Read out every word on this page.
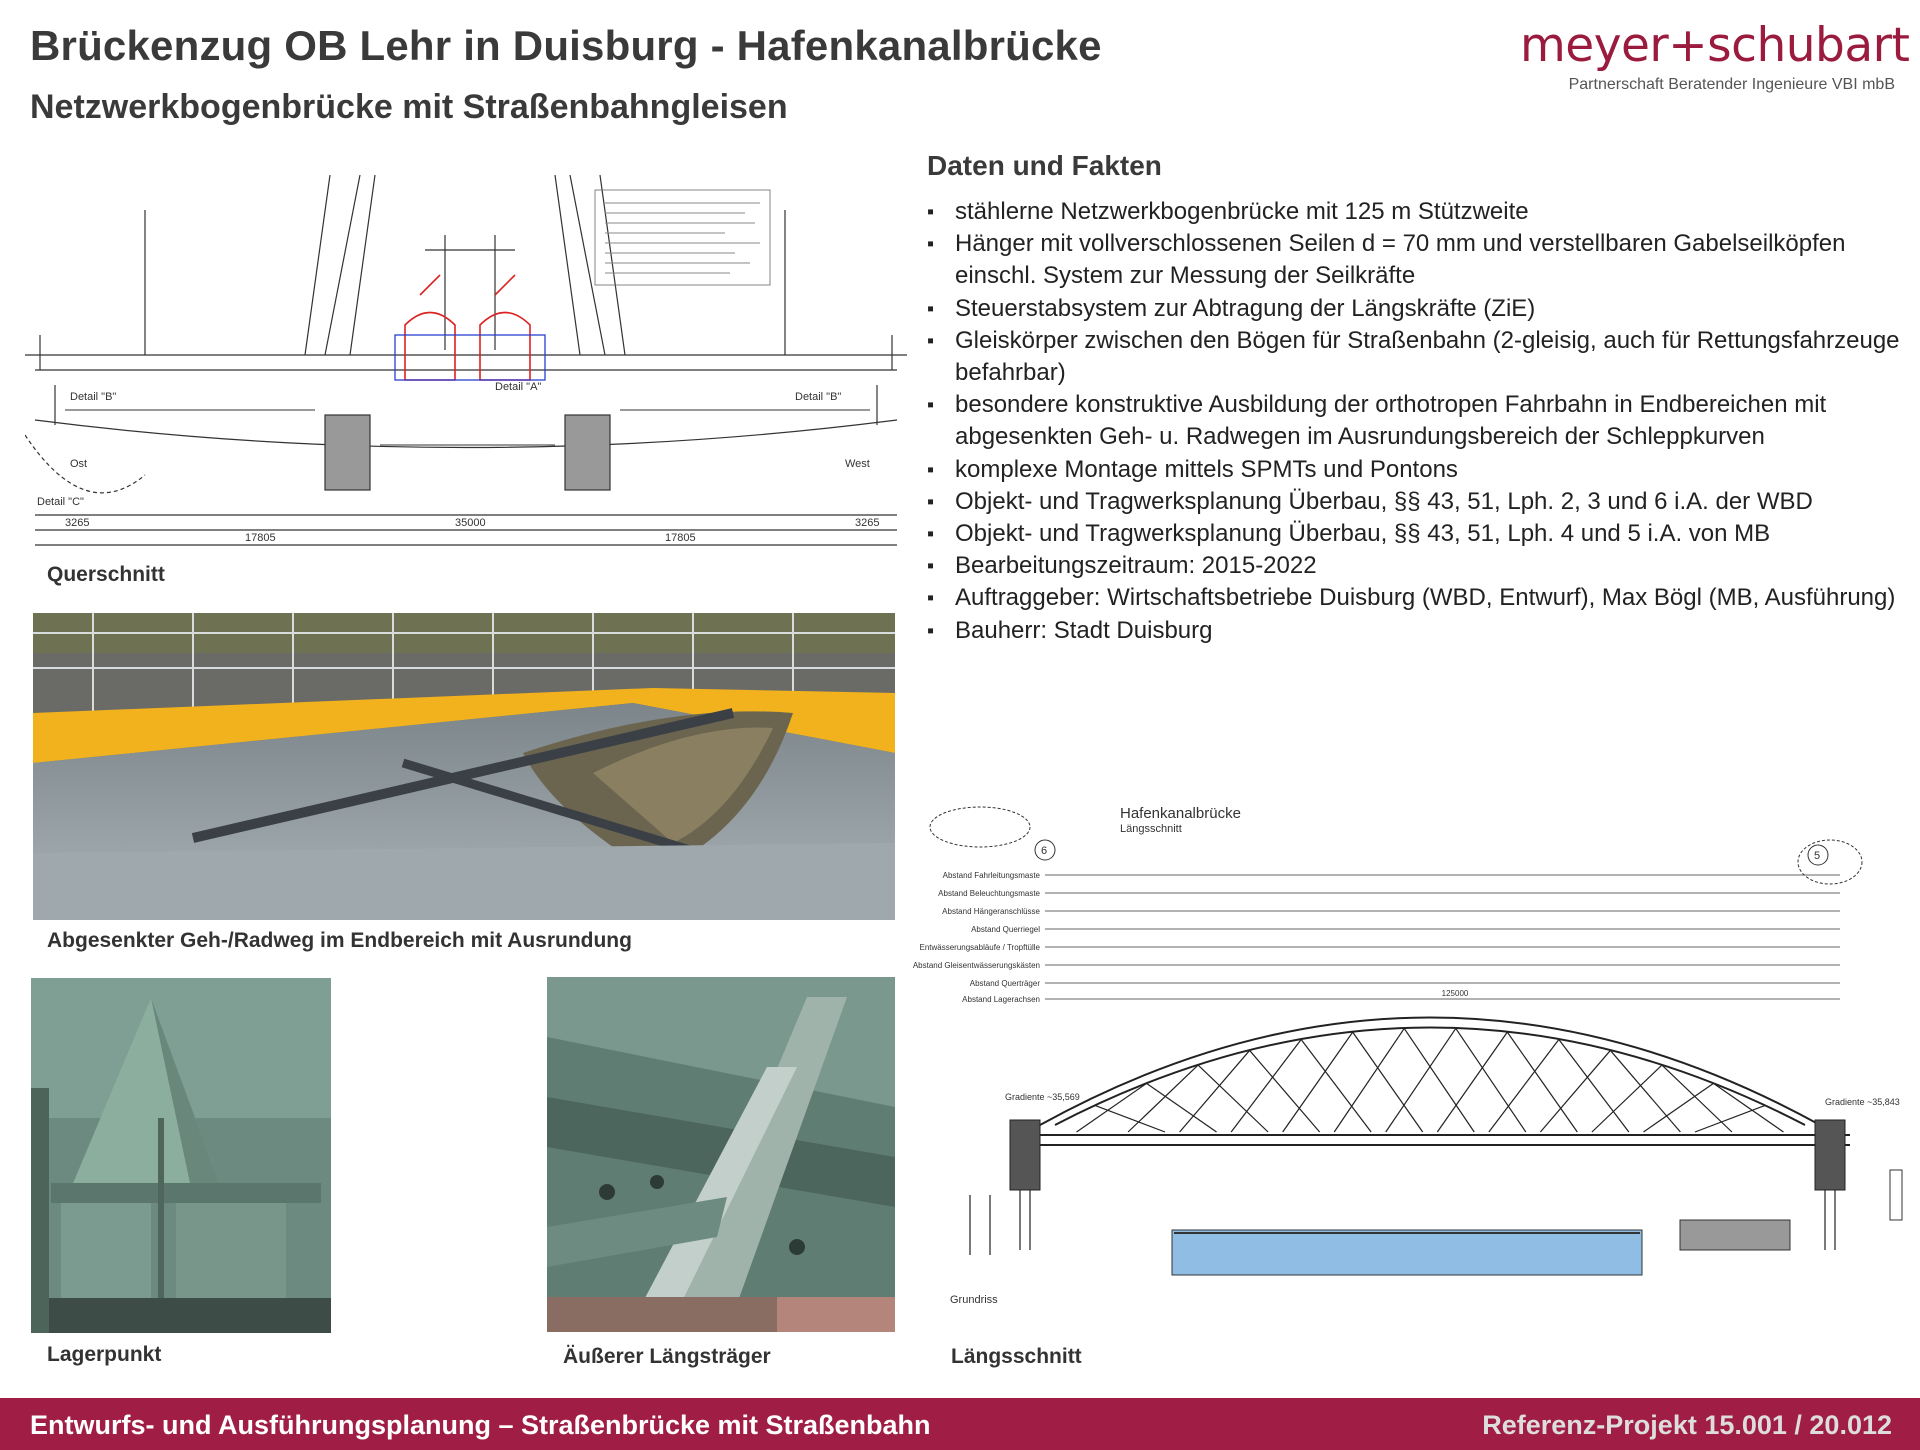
Brückenzug OB Lehr in Duisburg - Hafenkanalbrücke
Netzwerkbogenbrücke mit Straßenbahngleisen
meyer+schubart
Partnerschaft Beratender Ingenieure VBI mbB
Daten und Fakten
▪ stählerne Netzwerkbogenbrücke mit 125 m Stützweite
▪ Hänger mit vollverschlossenen Seilen d = 70 mm und verstellbaren Gabelseilköpfen einschl. System zur Messung der Seilkräfte
▪ Steuerstabsystem zur Abtragung der Längskräfte (ZiE)
▪ Gleiskörper zwischen den Bögen für Straßenbahn (2-gleisig, auch für Rettungsfahrzeuge befahrbar)
▪ besondere konstruktive Ausbildung der orthotropen Fahrbahn in Endbereichen mit abgesenkten Geh- u. Radwegen im Ausrundungsbereich der Schleppkurven
▪ komplexe Montage mittels SPMTs und Pontons
▪ Objekt- und Tragwerksplanung Überbau, §§ 43, 51, Lph. 2, 3 und 6 i.A. der WBD
▪ Objekt- und Tragwerksplanung Überbau, §§ 43, 51, Lph. 4 und 5 i.A. von MB
▪ Bearbeitungszeitraum: 2015-2022
▪ Auftraggeber: Wirtschaftsbetriebe Duisburg (WBD, Entwurf), Max Bögl (MB, Ausführung)
▪ Bauherr: Stadt Duisburg
Detail "B"
Detail "A"
Detail "B"
Detail "C"
Ost	West
3265
17805
35000
17805
3265
Querschnitt
Abgesenkter Geh-/Radweg im Endbereich mit Ausrundung
Lagerpunkt	Äußerer Längsträger
Hafenkanalbrücke
Längsschnitt
6	5
Abstand Fahrleitungsmaste
Abstand Beleuchtungsmaste
Abstand Hängeranschlüsse
Abstand Querriegel
Entwässerungsabläufe / Tropftülle
Abstand Gleisentwässerungskästen
Abstand Querträger
Abstand Lagerachsen
125000
Gradiente ~35,569	Gradiente ~35,843
Grundriss
Längsschnitt
Entwurfs- und Ausführungsplanung – Straßenbrücke mit Straßenbahn	Referenz-Projekt 15.001 / 20.012
